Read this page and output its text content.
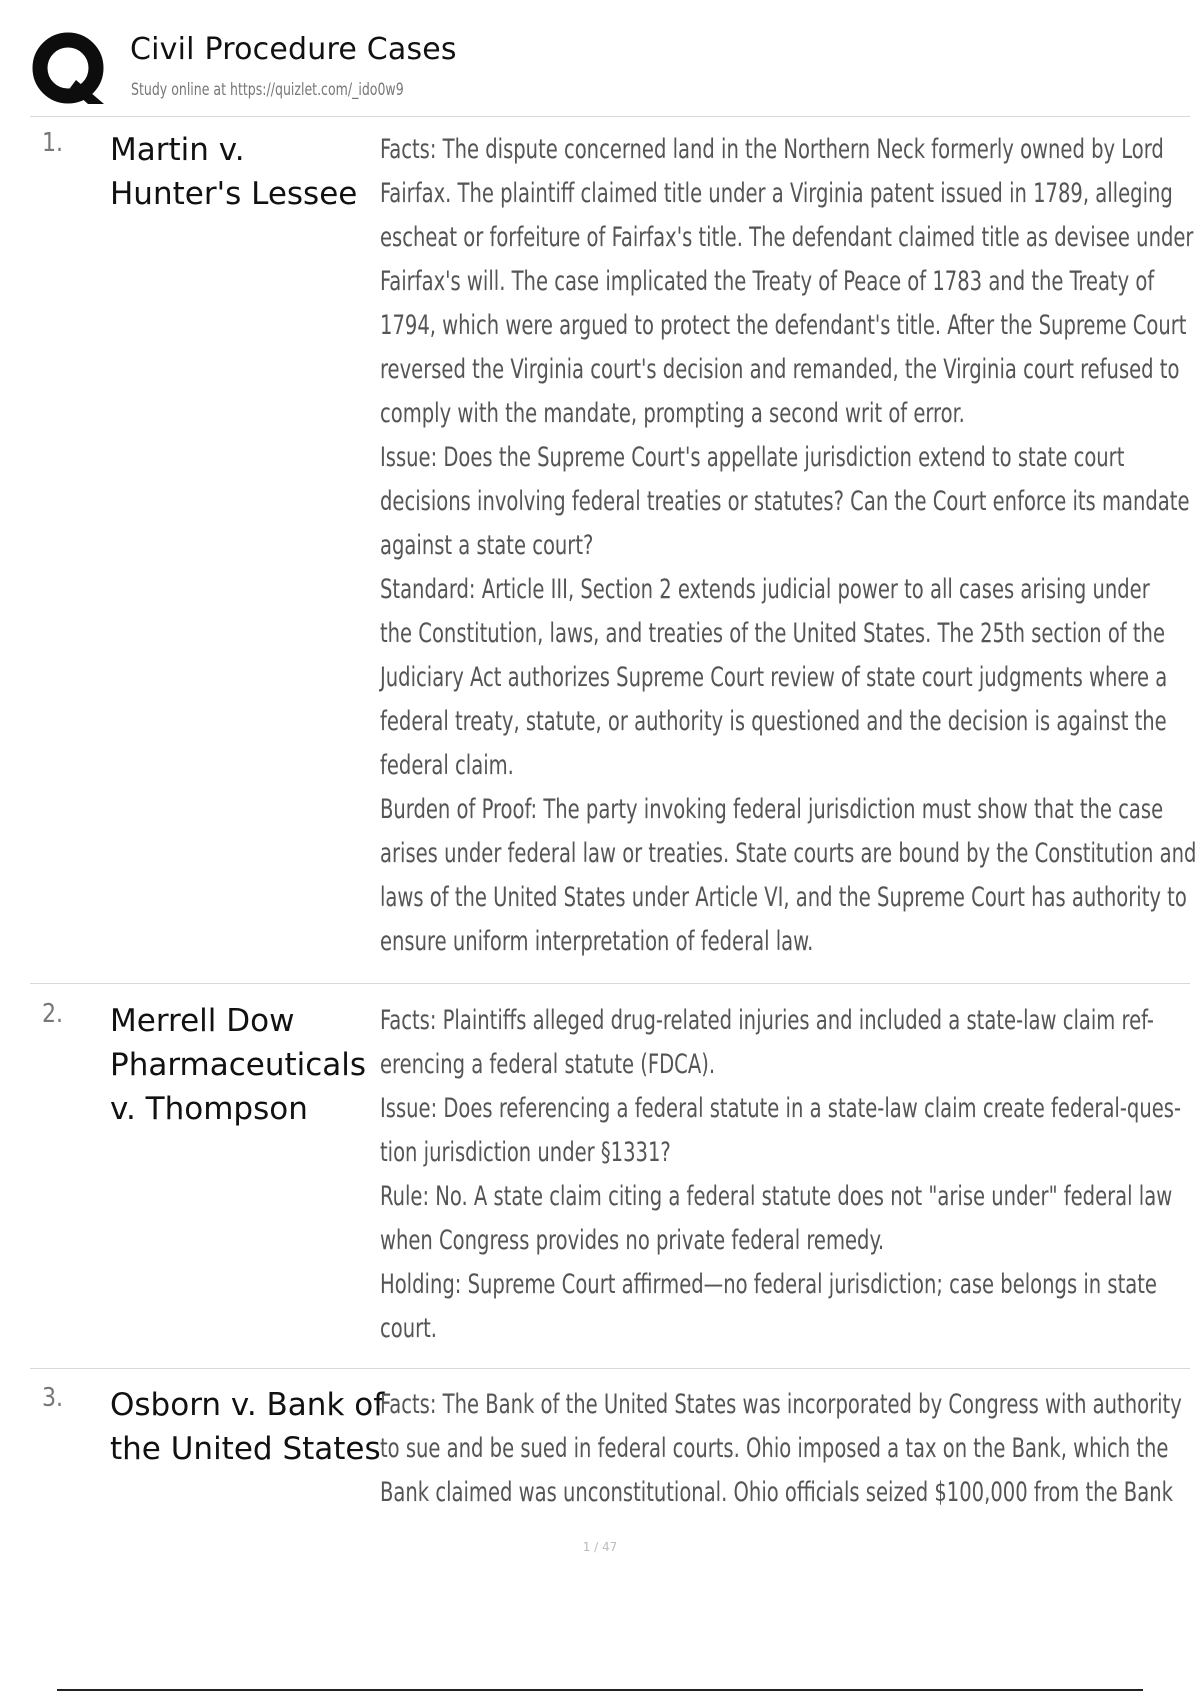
Civil Procedure Cases
Study online at https://quizlet.com/_ido0w9
1. Martin v.
Hunter's Lessee
Facts: The dispute concerned land in the Northern Neck formerly owned by Lord
Fairfax. The plaintiff claimed title under a Virginia patent issued in 1789, alleging
escheat or forfeiture of Fairfax's title. The defendant claimed title as devisee under
Fairfax's will. The case implicated the Treaty of Peace of 1783 and the Treaty of
1794, which were argued to protect the defendant's title. After the Supreme Court
reversed the Virginia court's decision and remanded, the Virginia court refused to
comply with the mandate, prompting a second writ of error.
Issue: Does the Supreme Court's appellate jurisdiction extend to state court
decisions involving federal treaties or statutes? Can the Court enforce its mandate
against a state court?
Standard: Article III, Section 2 extends judicial power to all cases arising under
the Constitution, laws, and treaties of the United States. The 25th section of the
Judiciary Act authorizes Supreme Court review of state court judgments where a
federal treaty, statute, or authority is questioned and the decision is against the
federal claim.
Burden of Proof: The party invoking federal jurisdiction must show that the case
arises under federal law or treaties. State courts are bound by the Constitution and
laws of the United States under Article VI, and the Supreme Court has authority to
ensure uniform interpretation of federal law.
2. Merrell Dow
Pharmaceuticals
v. Thompson
Facts: Plaintiffs alleged drug-related injuries and included a state-law claim ref-
erencing a federal statute (FDCA).
Issue: Does referencing a federal statute in a state-law claim create federal-ques-
tion jurisdiction under §1331?
Rule: No. A state claim citing a federal statute does not "arise under" federal law
when Congress provides no private federal remedy.
Holding: Supreme Court affirmed—no federal jurisdiction; case belongs in state
court.
3. Osborn v. Bank of
the United States
Facts: The Bank of the United States was incorporated by Congress with authority
to sue and be sued in federal courts. Ohio imposed a tax on the Bank, which the
Bank claimed was unconstitutional. Ohio officials seized $100,000 from the Bank
1 / 47
